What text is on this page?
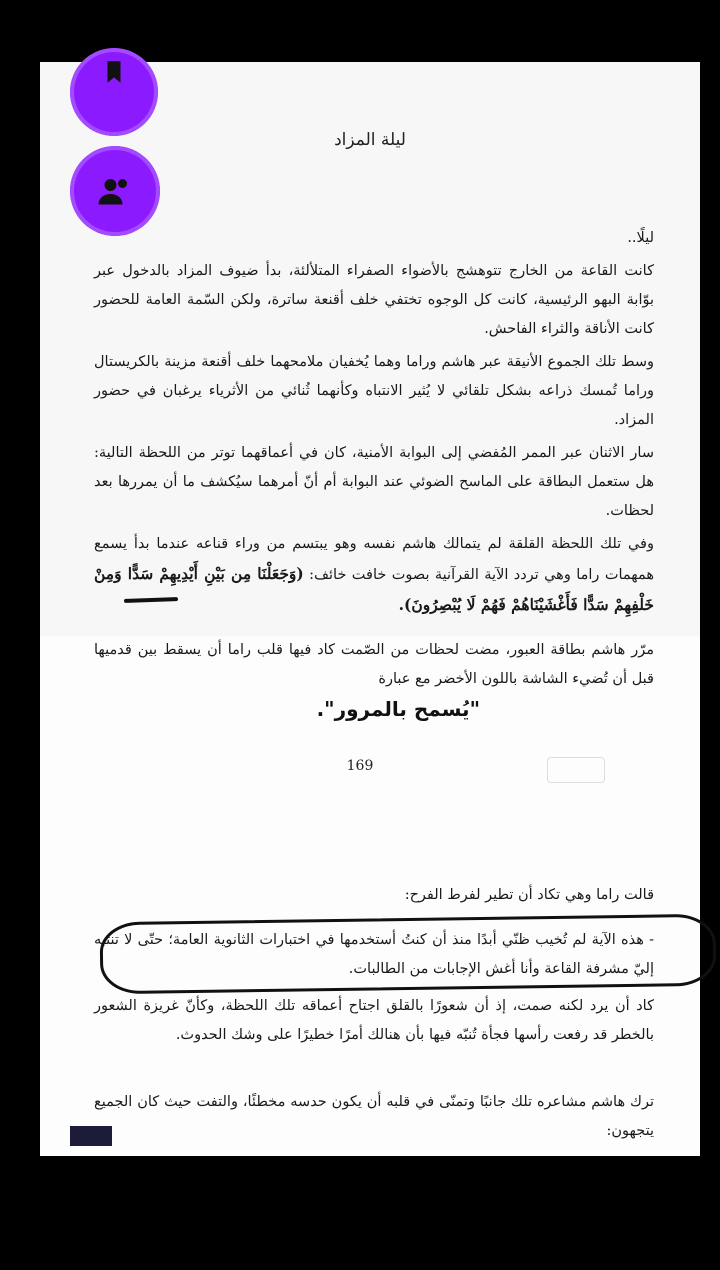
ليلة المزاد
ليلًا..
كانت القاعة من الخارج تتوهشج بالأضواء الصفراء المتلألئة، بدأ ضيوف المزاد بالدخول عبر بوّابة البهو الرئيسية، كانت كل الوجوه تختفي خلف أقنعة ساترة، ولكن السّمة العامة للحضور كانت الأناقة والثراء الفاحش.
وسط تلك الجموع الأنيقة عبر هاشم وراما وهما يُخفيان ملامحهما خلف أقنعة مزينة بالكريستال وراما تُمسك ذراعه بشكل تلقائي لا يُثير الانتباه وكأنهما ثُنائي من الأثرياء يرغبان في حضور المزاد.
سار الاثنان عبر الممر المُفضي إلى البوابة الأمنية، كان في أعماقهما توتر من اللحظة التالية: هل ستعمل البطاقة على الماسح الضوئي عند البوابة أم أنّ أمرهما سيُكشف ما أن يمررها بعد لحظات.
وفي تلك اللحظة القلقة لم يتمالك هاشم نفسه وهو يبتسم من وراء قناعه عندما بدأ يسمع همهمات راما وهي تردد الآية القرآنية بصوت خافت خائف: (وَجَعَلْنَا مِن بَيْنِ أَيْدِيهِمْ سَدًّا وَمِنْ خَلْفِهِمْ سَدًّا فَأَغْشَيْنَاهُمْ فَهُمْ لَا يُبْصِرُونَ).
مرّر هاشم بطاقة العبور، مضت لحظات من الصّمت كاد فيها قلب راما أن يسقط بين قدميها قبل أن تُضيء الشاشة باللون الأخضر مع عبارة
قالت راما وهي تكاد أن تطير لفرط الفرح:
- هذه الآية لم تُخيب ظنّي أبدًا منذ أن كنتُ أستخدمها في اختبارات الثانوية العامة؛ حتّى لا تنتبه إليّ مشرفة القاعة وأنا أغش الإجابات من الطالبات.
كاد أن يرد لكنه صمت، إذ أن شعورًا بالقلق اجتاح أعماقه تلك اللحظة، وكأنّ غريزة الشعور بالخطر قد رفعت رأسها فجأة تُنبّه فيها بأن هنالك أمرًا خطيرًا على وشك الحدوث.
ترك هاشم مشاعره تلك جانبًا وتمنّى في قلبه أن يكون حدسه مخطئًا، والتفت حيث كان الجميع يتجهون:
"يُسمح بالمرور".
169
